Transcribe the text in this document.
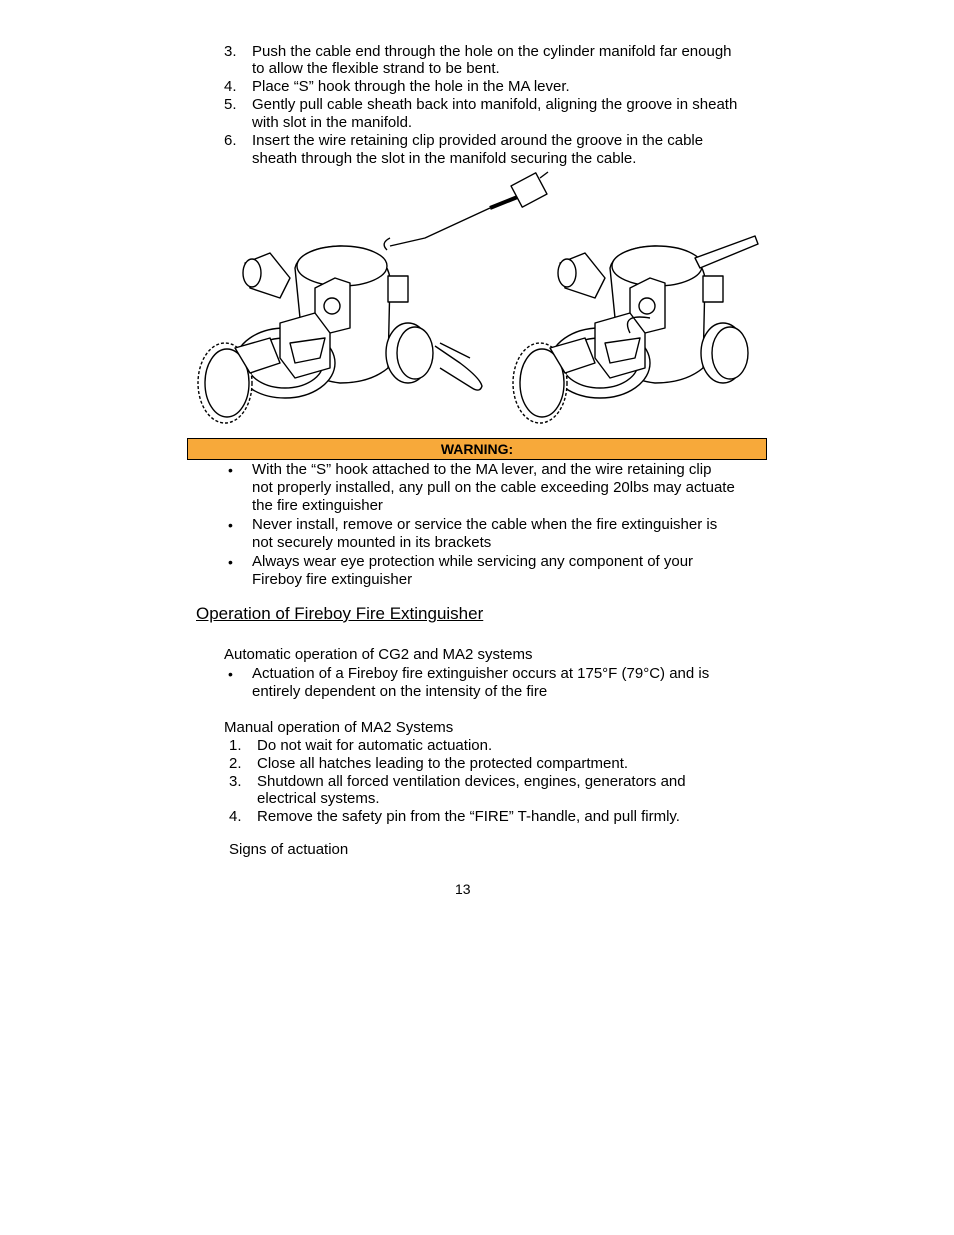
3. Push the cable end through the hole on the cylinder manifold far enough
to allow the flexible strand to be bent.
4. Place “S” hook through the hole in the MA lever.
5. Gently pull cable sheath back into manifold, aligning the groove in sheath
with slot in the manifold.
6. Insert the wire retaining clip provided around the groove in the cable
sheath through the slot in the manifold securing the cable.
WARNING:
• With the “S” hook attached to the MA lever, and the wire retaining clip
not properly installed, any pull on the cable exceeding 20lbs may actuate
the fire extinguisher
• Never install, remove or service the cable when the fire extinguisher is
not securely mounted in its brackets
• Always wear eye protection while servicing any component of your
Fireboy fire extinguisher
Operation of Fireboy Fire Extinguisher
Automatic operation of CG2 and MA2 systems
• Actuation of a Fireboy fire extinguisher occurs at 175°F (79°C) and is
entirely dependent on the intensity of the fire
Manual operation of MA2 Systems
1. Do not wait for automatic actuation.
2. Close all hatches leading to the protected compartment.
3. Shutdown all forced ventilation devices, engines, generators and
electrical systems.
4. Remove the safety pin from the “FIRE” T-handle, and pull firmly.
Signs of actuation
13
